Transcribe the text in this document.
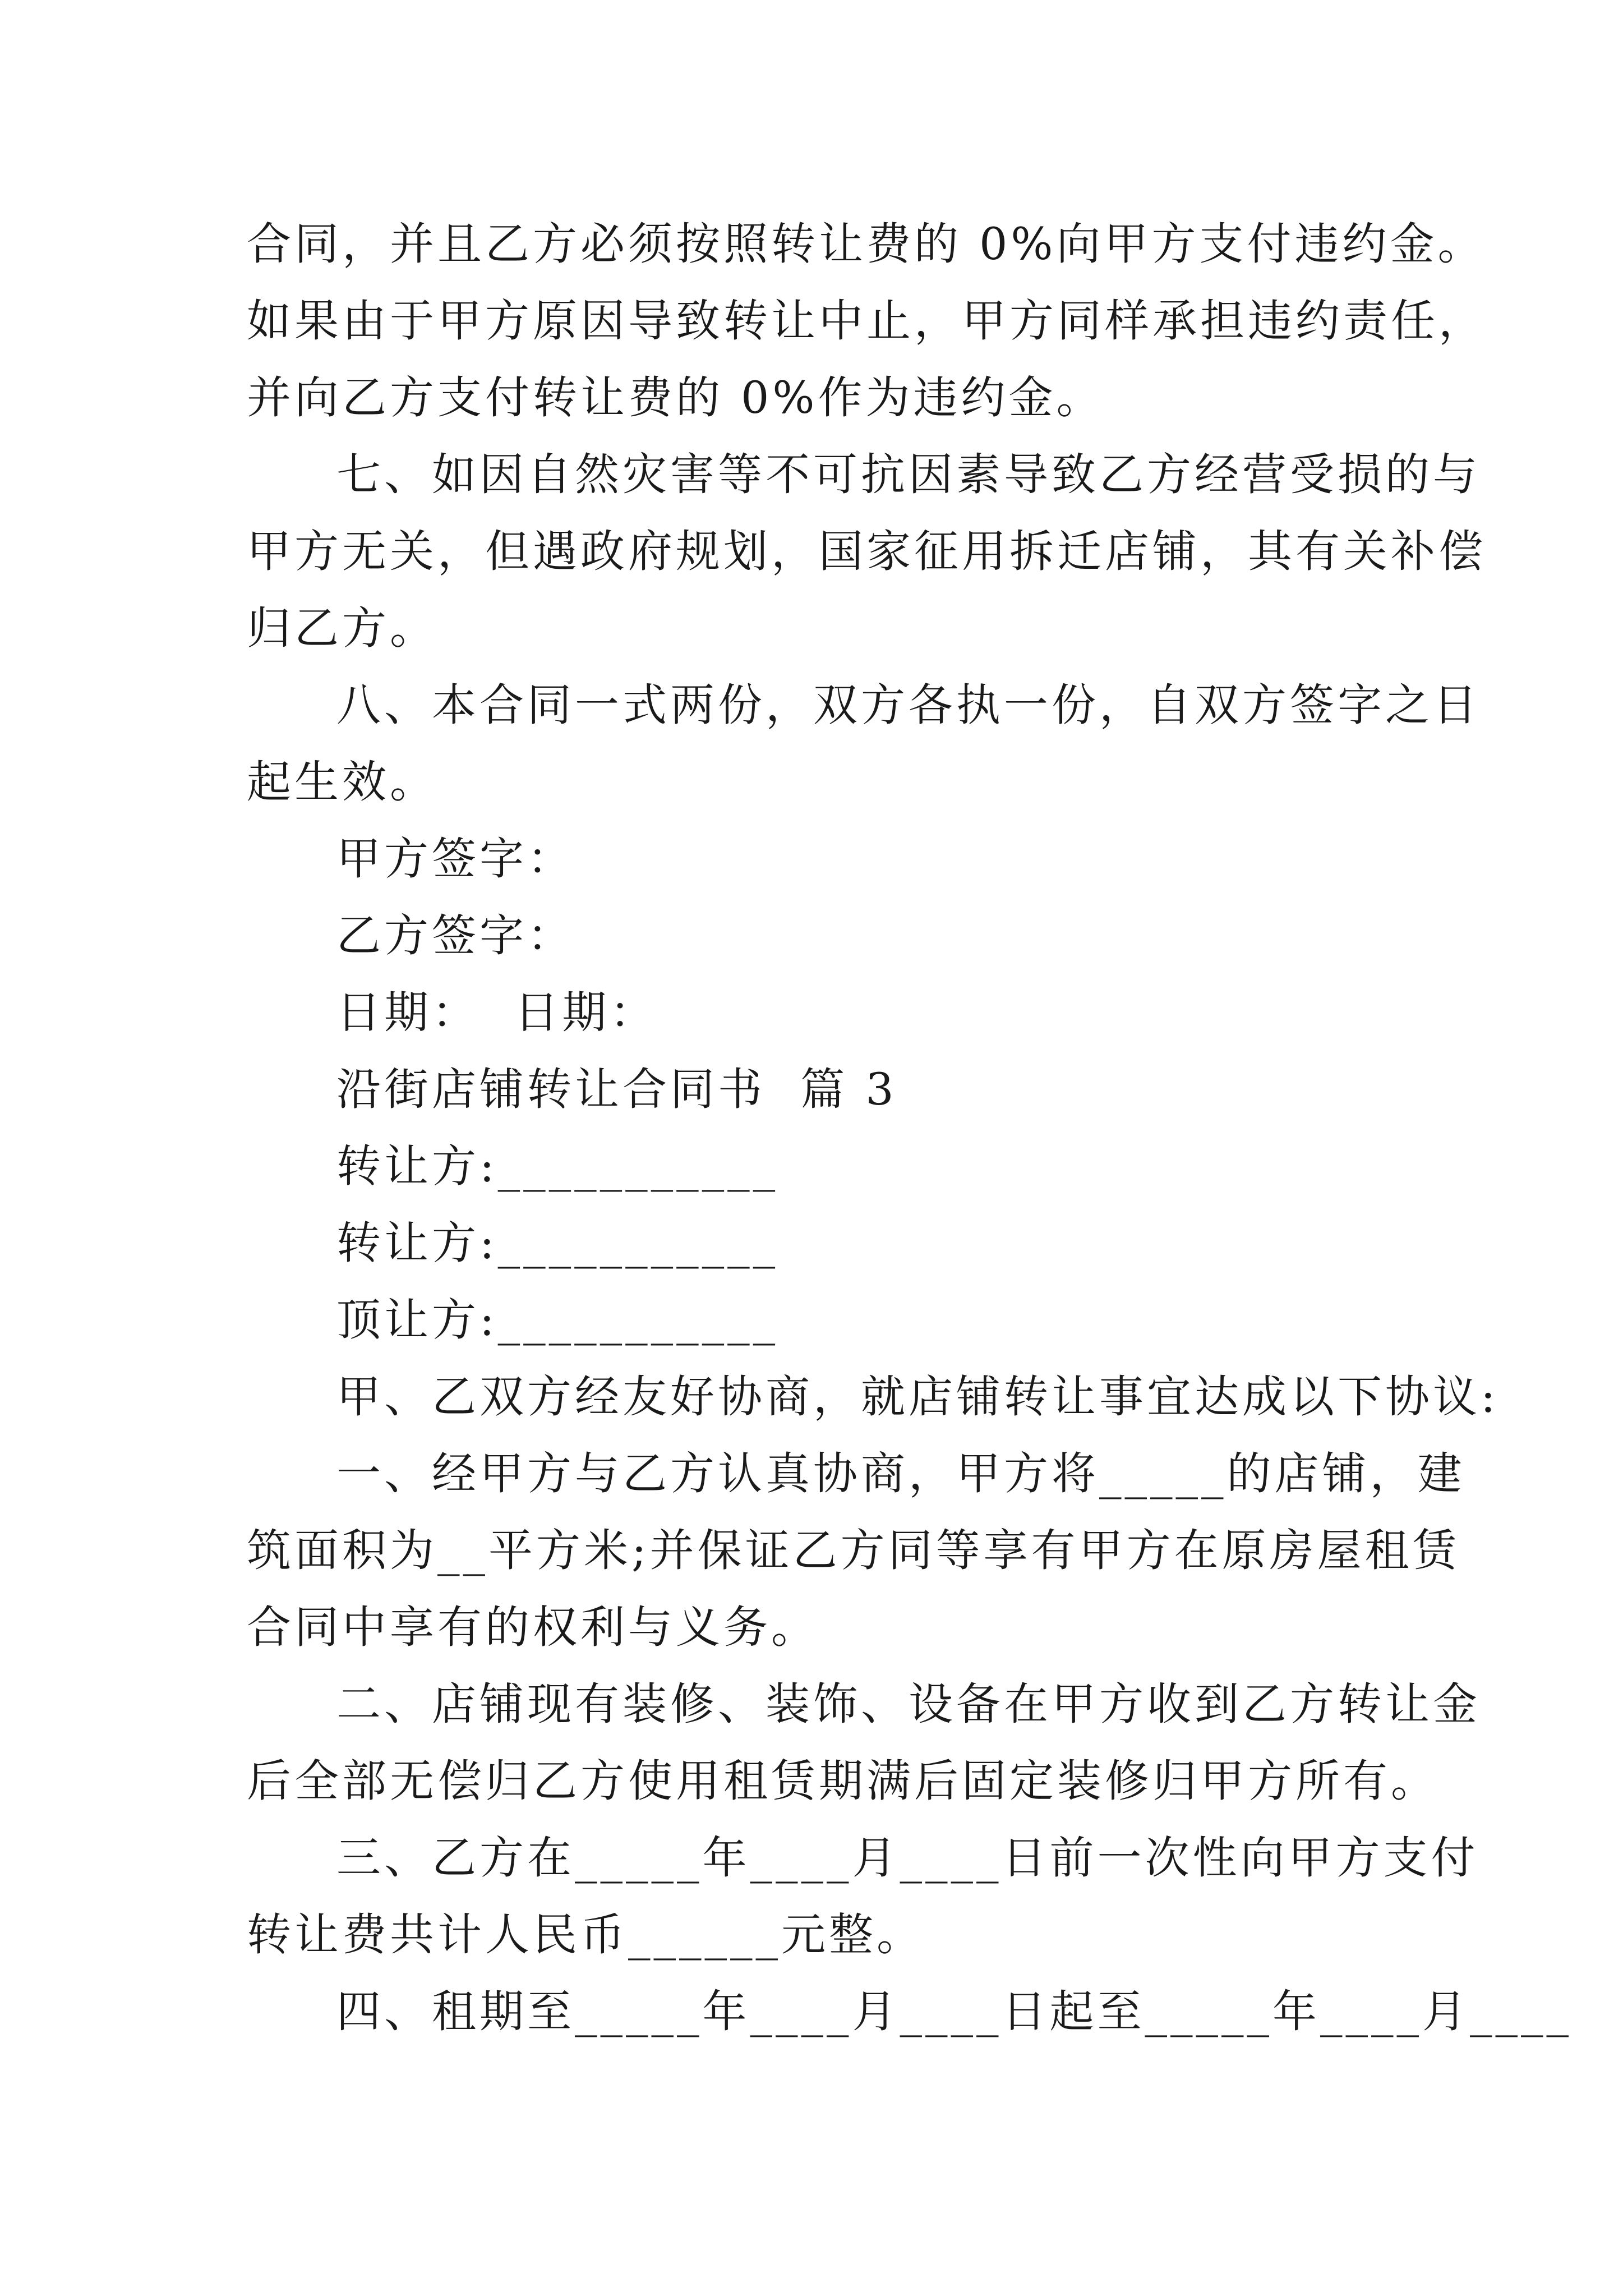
合同，并且乙方必须按照转让费的 0%向甲方支付违约金。
如果由于甲方原因导致转让中止，甲方同样承担违约责任，
并向乙方支付转让费的 0%作为违约金。
七、如因自然灾害等不可抗因素导致乙方经营受损的与
甲方无关，但遇政府规划，国家征用拆迁店铺，其有关补偿
归乙方。
八、本合同一式两份，双方各执一份，自双方签字之日
起生效。
甲方签字：
乙方签字：
日期：  日期：
沿街店铺转让合同书  篇 3
转让方:___________
转让方:___________
顶让方:___________
甲、乙双方经友好协商，就店铺转让事宜达成以下协议:
一、经甲方与乙方认真协商，甲方将_____的店铺，建
筑面积为__平方米;并保证乙方同等享有甲方在原房屋租赁
合同中享有的权利与义务。
二、店铺现有装修、装饰、设备在甲方收到乙方转让金
后全部无偿归乙方使用租赁期满后固定装修归甲方所有。
三、乙方在_____年____月____日前一次性向甲方支付
转让费共计人民币______元整。
四、租期至_____年____月____日起至_____年____月____
